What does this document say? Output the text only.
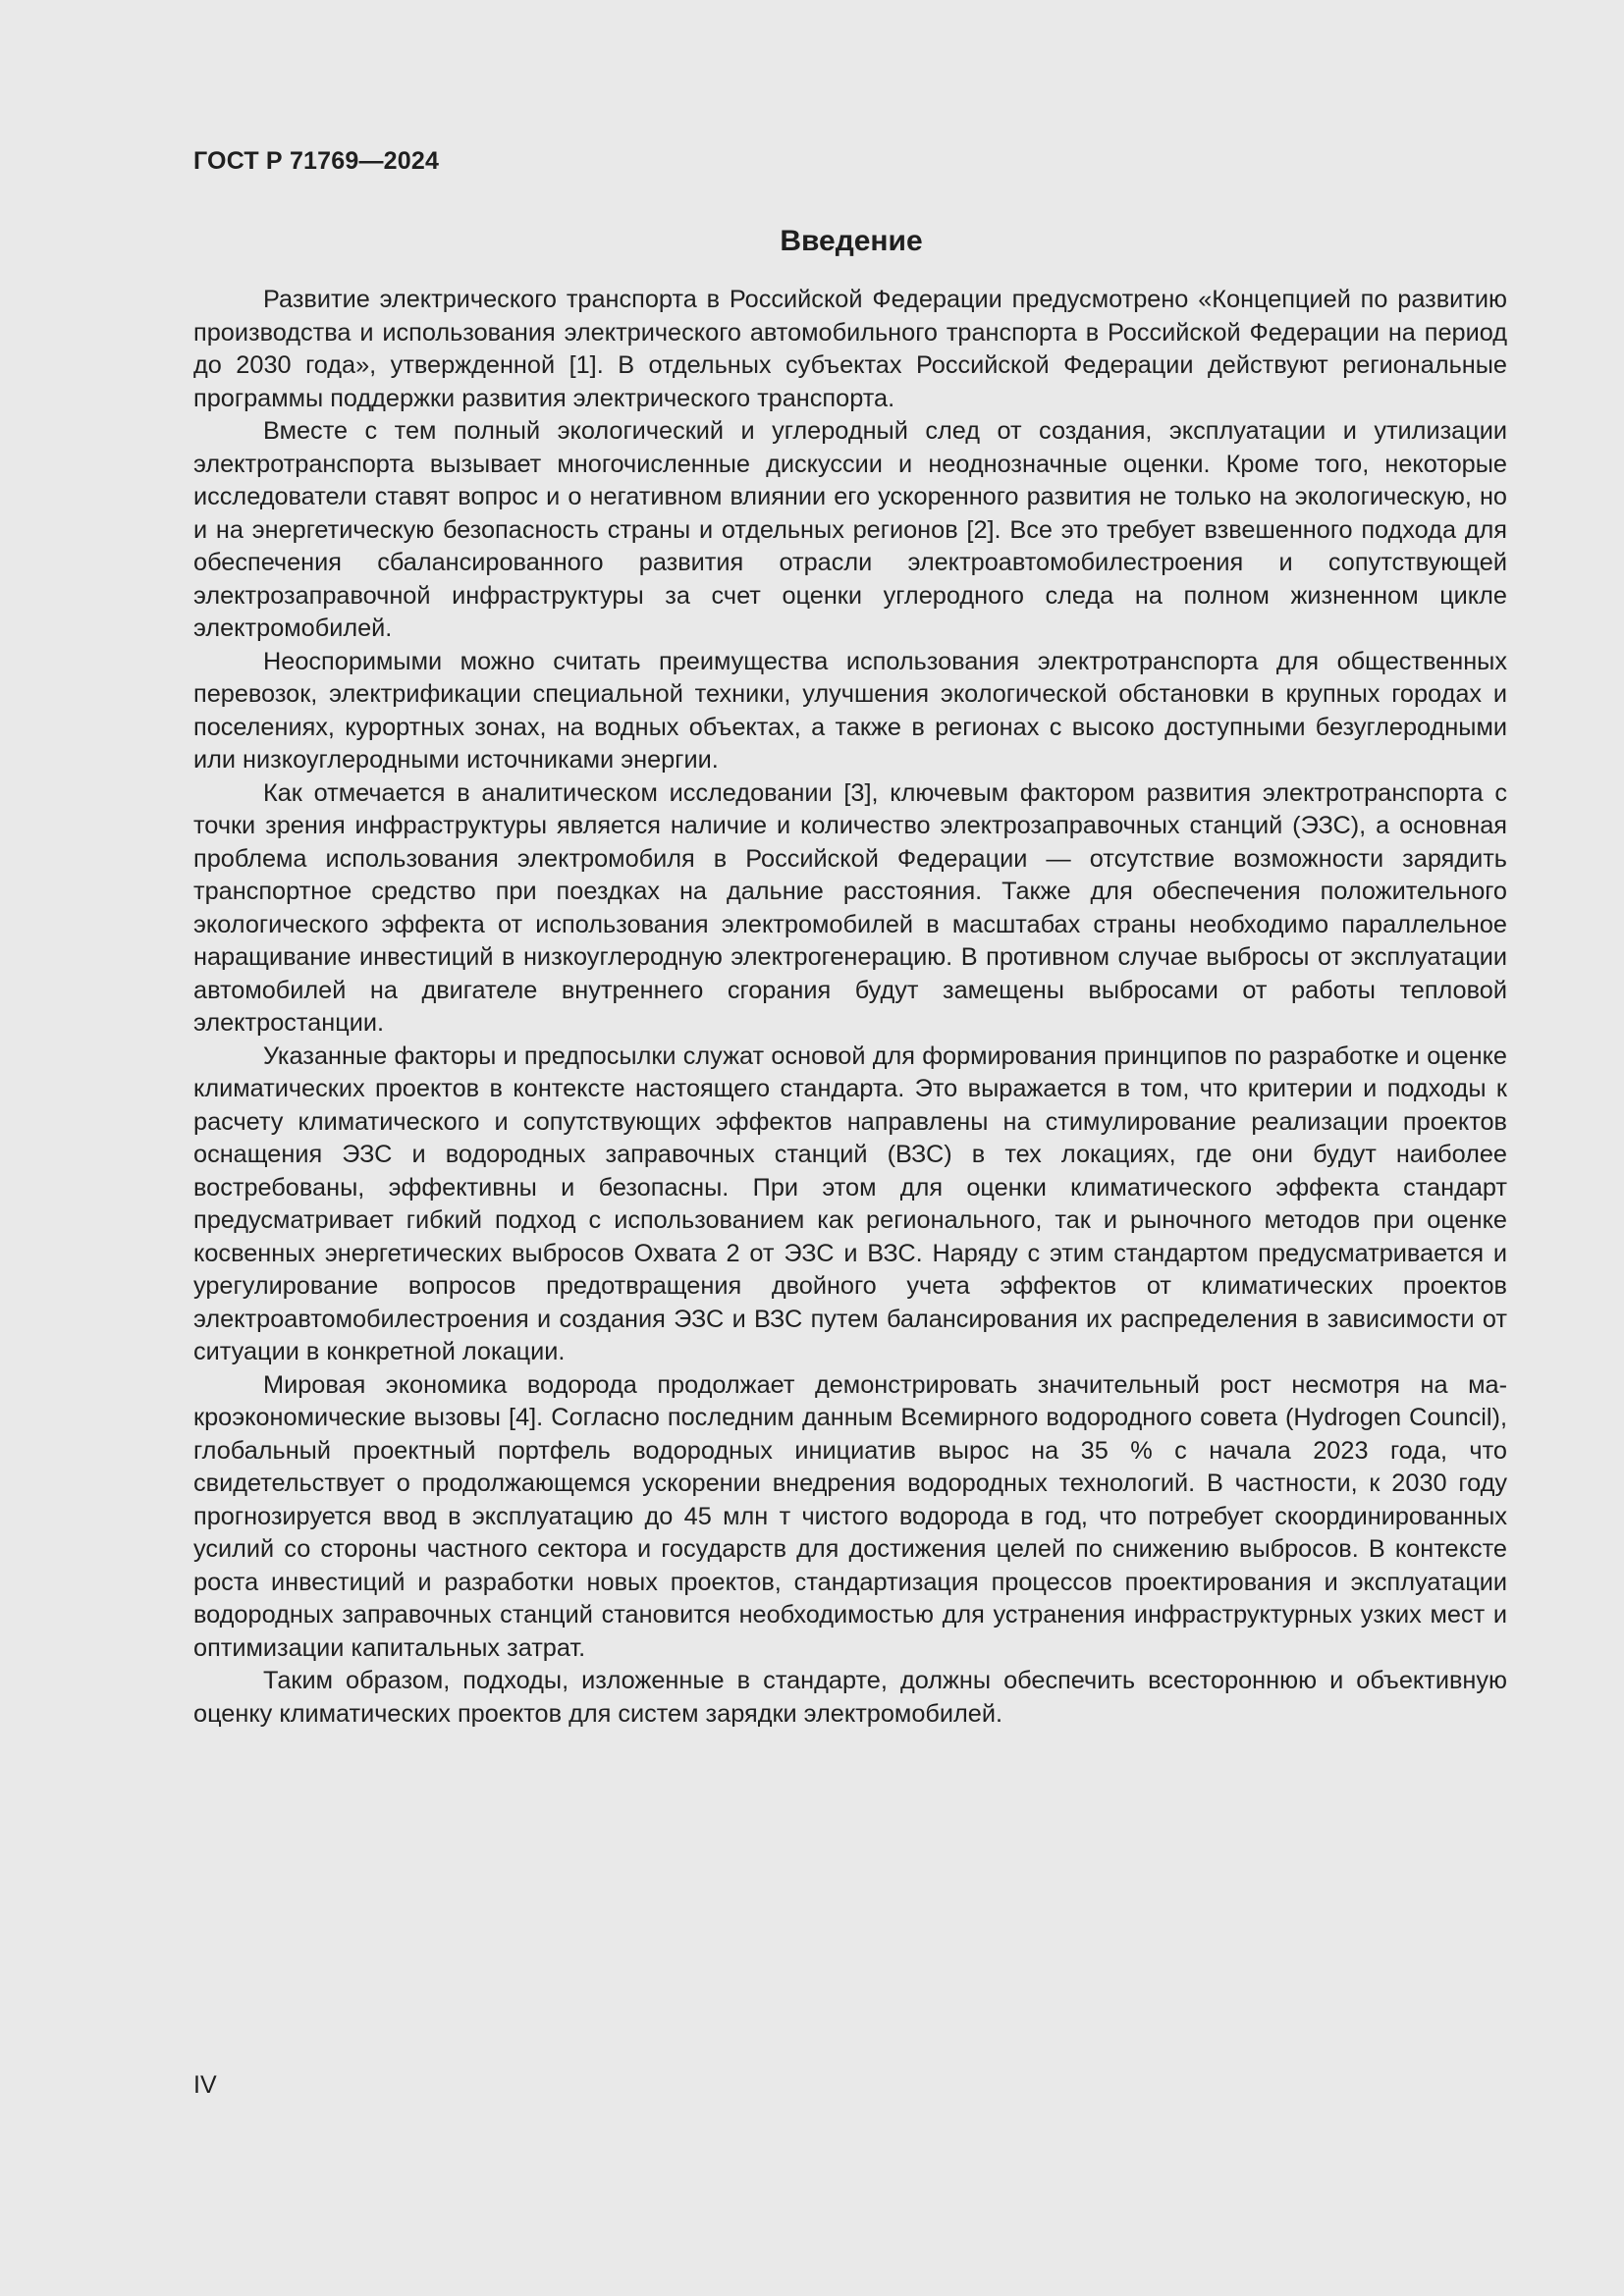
ГОСТ Р 71769—2024
Введение

Развитие электрического транспорта в Российской Федерации предусмотрено «Концепцией по развитию производства и использования электрического автомобильного транспорта в Российской Федерации на период до 2030 года», утвержденной [1]. В отдельных субъектах Российской Федерации действуют региональные программы поддержки развития электрического транспорта.

Вместе с тем полный экологический и углеродный след от создания, эксплуатации и утилизации электротранспорта вызывает многочисленные дискуссии и неоднозначные оценки. Кроме того, некоторые исследователи ставят вопрос и о негативном влиянии его ускоренного развития не только на экологическую, но и на энергетическую безопасность страны и отдельных регионов [2]. Все это требует взвешенного подхода для обеспечения сбалансированного развития отрасли электроавтомобилестроения и сопутствующей электрозаправочной инфраструктуры за счет оценки углеродного следа на полном жизненном цикле электромобилей.

Неоспоримыми можно считать преимущества использования электротранспорта для общественных перевозок, электрификации специальной техники, улучшения экологической обстановки в крупных городах и поселениях, курортных зонах, на водных объектах, а также в регионах с высоко доступными безуглеродными или низкоуглеродными источниками энергии.

Как отмечается в аналитическом исследовании [3], ключевым фактором развития электротранспорта с точки зрения инфраструктуры является наличие и количество электрозаправочных станций (ЭЗС), а основная проблема использования электромобиля в Российской Федерации — отсутствие возможности зарядить транспортное средство при поездках на дальние расстояния. Также для обеспечения положительного экологического эффекта от использования электромобилей в масштабах страны необходимо параллельное наращивание инвестиций в низкоуглеродную электрогенерацию. В противном случае выбросы от эксплуатации автомобилей на двигателе внутреннего сгорания будут замещены выбросами от работы тепловой электростанции.

Указанные факторы и предпосылки служат основой для формирования принципов по разработке и оценке климатических проектов в контексте настоящего стандарта. Это выражается в том, что критерии и подходы к расчету климатического и сопутствующих эффектов направлены на стимулирование реализации проектов оснащения ЭЗС и водородных заправочных станций (ВЗС) в тех локациях, где они будут наиболее востребованы, эффективны и безопасны. При этом для оценки климатического эффекта стандарт предусматривает гибкий подход с использованием как регионального, так и рыночного методов при оценке косвенных энергетических выбросов Охвата 2 от ЭЗС и ВЗС. Наряду с этим стандартом предусматривается и урегулирование вопросов предотвращения двойного учета эффектов от климатических проектов электроавтомобилестроения и создания ЭЗС и ВЗС путем балансирования их распределения в зависимости от ситуации в конкретной локации.

Мировая экономика водорода продолжает демонстрировать значительный рост несмотря на макроэкономические вызовы [4]. Согласно последним данным Всемирного водородного совета (Hydrogen Council), глобальный проектный портфель водородных инициатив вырос на 35 % с начала 2023 года, что свидетельствует о продолжающемся ускорении внедрения водородных технологий. В частности, к 2030 году прогнозируется ввод в эксплуатацию до 45 млн т чистого водорода в год, что потребует скоординированных усилий со стороны частного сектора и государств для достижения целей по снижению выбросов. В контексте роста инвестиций и разработки новых проектов, стандартизация процессов проектирования и эксплуатации водородных заправочных станций становится необходимостью для устранения инфраструктурных узких мест и оптимизации капитальных затрат.

Таким образом, подходы, изложенные в стандарте, должны обеспечить всестороннюю и объективную оценку климатических проектов для систем зарядки электромобилей.

IV
